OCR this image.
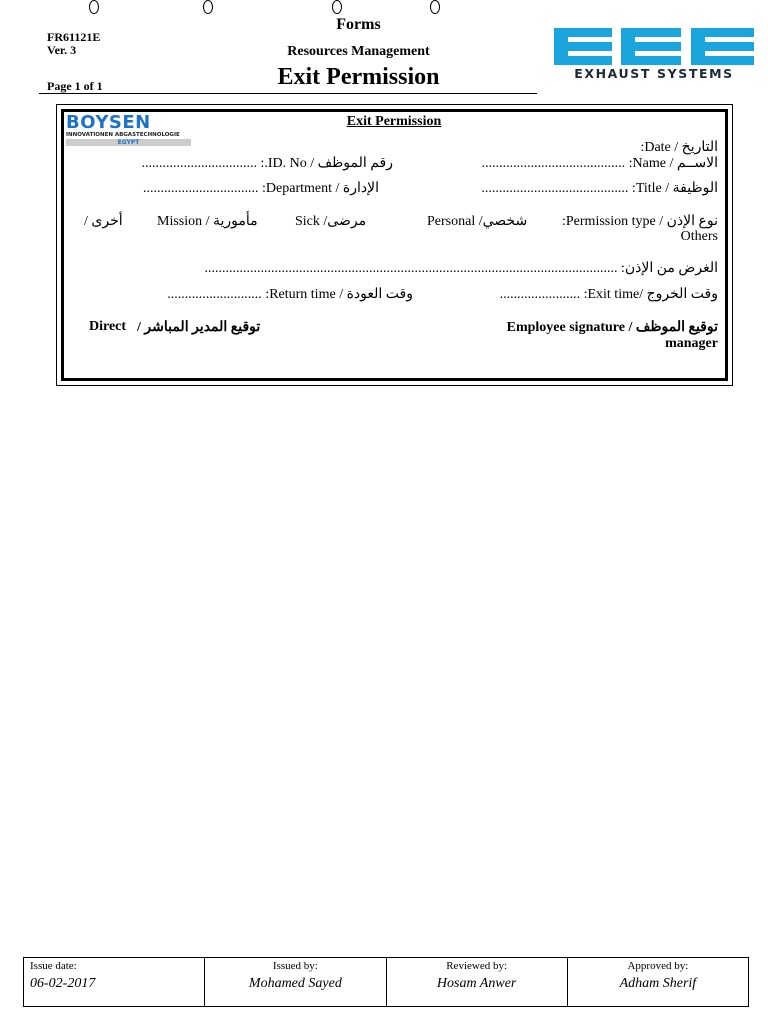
FR61121E
Ver. 3
Page 1 of 1
Forms
Resources Management
Exit Permission	EXHAUST SYSTEMS
BOYSEN
INNOVATIONEN ABGASTECHNOLOGIE
EGYPT
Exit Permission
التاريخ / Date:
الاســم / Name: .........................................
رقم الموظف / ID. No.: .................................
الوظيفة / Title: ..........................................
الإدارة / Department: .................................
نوع الإذن / Permission type:
Personal /شخصي
Sick /مرضى
Mission / مأمورية
أخرى /
Others
الغرض من الإذن: ......................................................................................................................
وقت الخروج /Exit time: .......................
وقت العودة / Return time: ...........................
Employee signature / توقيع الموظف
Direct توقيع المدير المباشر /
manager
Issue date:
06-02-2017

Issued by:
Mohamed Sayed

Reviewed by:
Hosam Anwer

Approved by:
Adham Sherif
